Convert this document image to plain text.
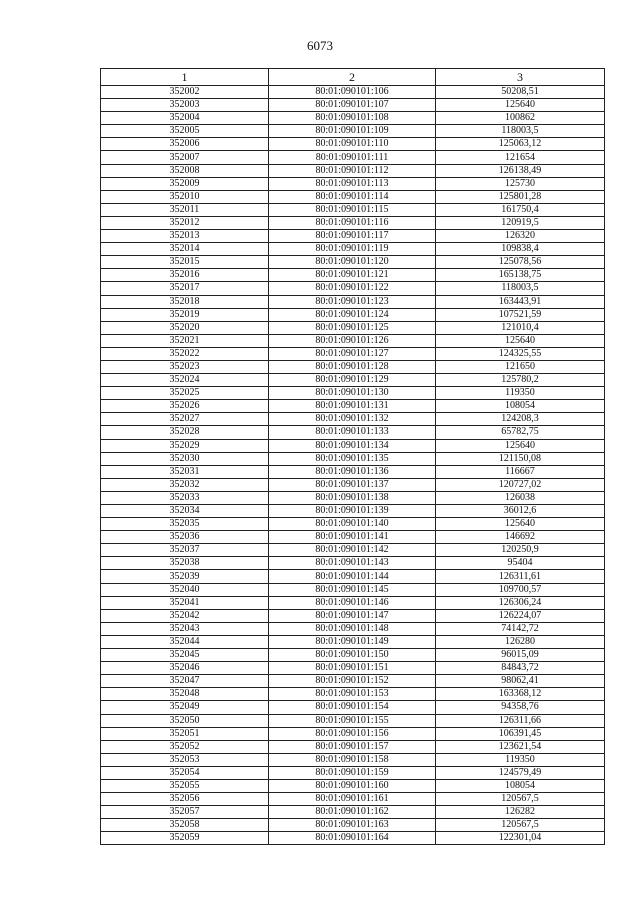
6073
1	2	3
352002	80:01:090101:106	50208,51
352003	80:01:090101:107	125640
352004	80:01:090101:108	100862
352005	80:01:090101:109	118003,5
352006	80:01:090101:110	125063,12
352007	80:01:090101:111	121654
352008	80:01:090101:112	126138,49
352009	80:01:090101:113	125730
352010	80:01:090101:114	125801,28
352011	80:01:090101:115	161750,4
352012	80:01:090101:116	120919,5
352013	80:01:090101:117	126320
352014	80:01:090101:119	109838,4
352015	80:01:090101:120	125078,56
352016	80:01:090101:121	165138,75
352017	80:01:090101:122	118003,5
352018	80:01:090101:123	163443,91
352019	80:01:090101:124	107521,59
352020	80:01:090101:125	121010,4
352021	80:01:090101:126	125640
352022	80:01:090101:127	124325,55
352023	80:01:090101:128	121650
352024	80:01:090101:129	125780,2
352025	80:01:090101:130	119350
352026	80:01:090101:131	108054
352027	80:01:090101:132	124208,3
352028	80:01:090101:133	65782,75
352029	80:01:090101:134	125640
352030	80:01:090101:135	121150,08
352031	80:01:090101:136	116667
352032	80:01:090101:137	120727,02
352033	80:01:090101:138	126038
352034	80:01:090101:139	36012,6
352035	80:01:090101:140	125640
352036	80:01:090101:141	146692
352037	80:01:090101:142	120250,9
352038	80:01:090101:143	95404
352039	80:01:090101:144	126311,61
352040	80:01:090101:145	109700,57
352041	80:01:090101:146	126306,24
352042	80:01:090101:147	126224,07
352043	80:01:090101:148	74142,72
352044	80:01:090101:149	126280
352045	80:01:090101:150	96015,09
352046	80:01:090101:151	84843,72
352047	80:01:090101:152	98062,41
352048	80:01:090101:153	163368,12
352049	80:01:090101:154	94358,76
352050	80:01:090101:155	126311,66
352051	80:01:090101:156	106391,45
352052	80:01:090101:157	123621,54
352053	80:01:090101:158	119350
352054	80:01:090101:159	124579,49
352055	80:01:090101:160	108054
352056	80:01:090101:161	120567,5
352057	80:01:090101:162	126282
352058	80:01:090101:163	120567,5
352059	80:01:090101:164	122301,04
